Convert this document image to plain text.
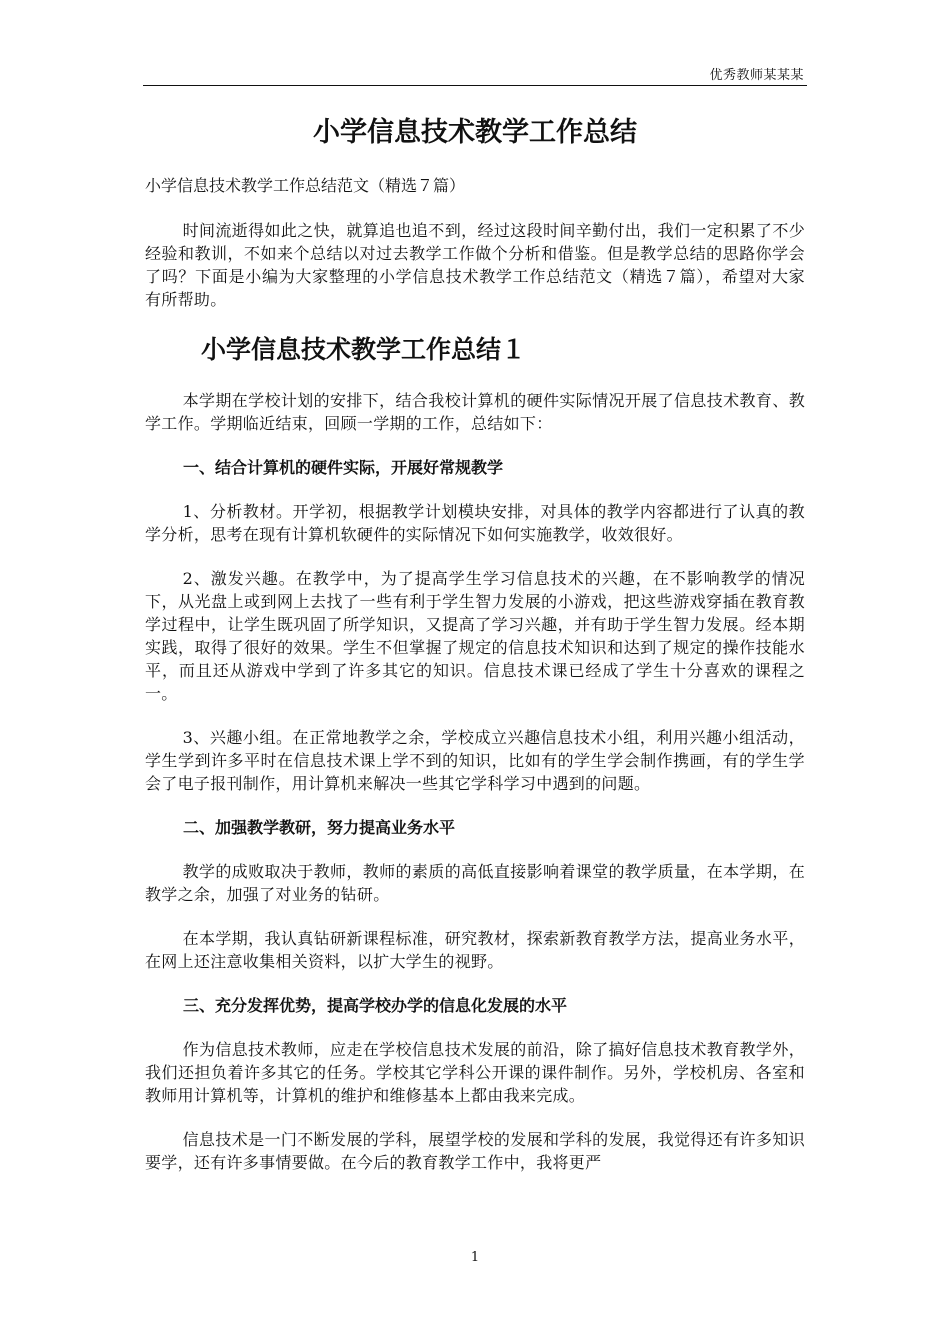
优秀教师某某某
小学信息技术教学工作总结
小学信息技术教学工作总结范文（精选７篇）

时间流逝得如此之快，就算追也追不到，经过这段时间辛勤付出，我们一定积累了不少经验和教训，不如来个总结以对过去教学工作做个分析和借鉴。但是教学总结的思路你学会了吗？下面是小编为大家整理的小学信息技术教学工作总结范文（精选７篇），希望对大家有所帮助。

小学信息技术教学工作总结１

本学期在学校计划的安排下，结合我校计算机的硬件实际情况开展了信息技术教育、教学工作。学期临近结束，回顾一学期的工作，总结如下：

一、结合计算机的硬件实际，开展好常规教学

1、分析教材。开学初，根据教学计划模块安排，对具体的教学内容都进行了认真的教学分析，思考在现有计算机软硬件的实际情况下如何实施教学，收效很好。

2、激发兴趣。在教学中，为了提高学生学习信息技术的兴趣，在不影响教学的情况下，从光盘上或到网上去找了一些有利于学生智力发展的小游戏，把这些游戏穿插在教育教学过程中，让学生既巩固了所学知识，又提高了学习兴趣，并有助于学生智力发展。经本期实践，取得了很好的效果。学生不但掌握了规定的信息技术知识和达到了规定的操作技能水平，而且还从游戏中学到了许多其它的知识。信息技术课已经成了学生十分喜欢的课程之一。

3、兴趣小组。在正常地教学之余，学校成立兴趣信息技术小组，利用兴趣小组活动，学生学到许多平时在信息技术课上学不到的知识，比如有的学生学会制作携画，有的学生学会了电子报刊制作，用计算机来解决一些其它学科学习中遇到的问题。

二、加强教学教研，努力提高业务水平

教学的成败取决于教师，教师的素质的高低直接影响着课堂的教学质量，在本学期，在教学之余，加强了对业务的钻研。

在本学期，我认真钻研新课程标准，研究教材，探索新教育教学方法，提高业务水平，在网上还注意收集相关资料，以扩大学生的视野。

三、充分发挥优势，提高学校办学的信息化发展的水平

作为信息技术教师，应走在学校信息技术发展的前沿，除了搞好信息技术教育教学外，我们还担负着许多其它的任务。学校其它学科公开课的课件制作。另外，学校机房、各室和教师用计算机等，计算机的维护和维修基本上都由我来完成。

信息技术是一门不断发展的学科，展望学校的发展和学科的发展，我觉得还有许多知识要学，还有许多事情要做。在今后的教育教学工作中，我将更严

1
